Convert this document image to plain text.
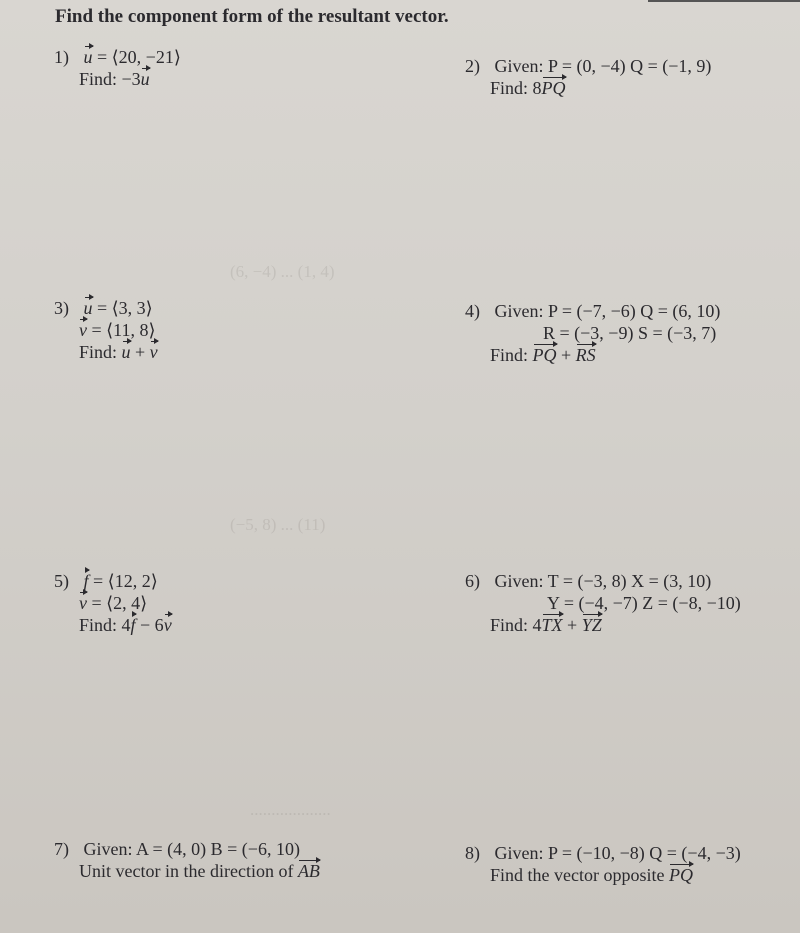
(6, −4) ... (1, 4)
(−5, 8) ... (11)
...................
Find the component form of the resultant vector.
1) u = ⟨20, −21⟩
Find: −3u
2) Given: P = (0, −4) Q = (−1, 9)
Find: 8PQ
3) u = ⟨3, 3⟩
v = ⟨11, 8⟩
Find: u + v
4) Given: P = (−7, −6) Q = (6, 10)
R = (−3, −9) S = (−3, 7)
Find: PQ + RS
5) f = ⟨12, 2⟩
v = ⟨2, 4⟩
Find: 4f − 6v
6) Given: T = (−3, 8) X = (3, 10)
Y = (−4, −7) Z = (−8, −10)
Find: 4TX + YZ
7) Given: A = (4, 0) B = (−6, 10)
Unit vector in the direction of AB
8) Given: P = (−10, −8) Q = (−4, −3)
Find the vector opposite PQ
